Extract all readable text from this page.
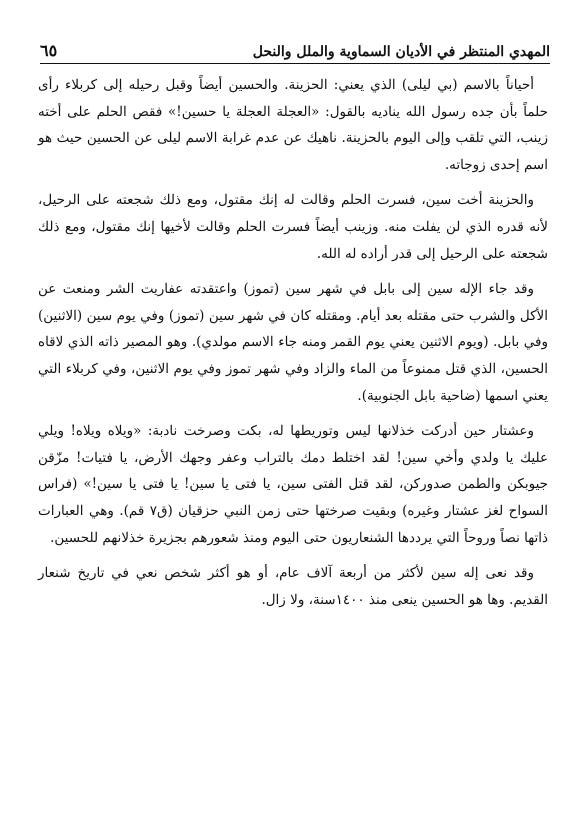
المهدي المنتظر في الأديان السماوية والملل والنحل
٦٥

أحياناً بالاسم (بي ليلى) الذي يعني: الحزينة. والحسين أيضاً وقبل رحيله إلى كربلاء رأى حلماً بأن جده رسول الله يناديه بالقول: «العجلة العجلة يا حسين!» فقص الحلم على أخته زينب، التي تلقب وإلى اليوم بالحزينة. ناهيك عن عدم غرابة الاسم ليلى عن الحسين حيث هو اسم إحدى زوجاته.

والحزينة أخت سين، فسرت الحلم وقالت له إنك مقتول، ومع ذلك شجعته على الرحيل، لأنه قدره الذي لن يفلت منه. وزينب أيضاً فسرت الحلم وقالت لأخيها إنك مقتول، ومع ذلك شجعته على الرحيل إلى قدر أراده له الله.

وقد جاء الإله سين إلى بابل في شهر سين (تموز) واعتقدته عفاريت الشر ومنعت عن الأكل والشرب حتى مقتله بعد أيام. ومقتله كان في شهر سين (تموز) وفي يوم سين (الاثنين) وفي بابل. (ويوم الاثنين يعني يوم القمر ومنه جاء الاسم مولدي). وهو المصير ذاته الذي لاقاه الحسين، الذي قتل ممنوعاً من الماء والزاد وفي شهر تموز وفي يوم الاثنين، وفي كربلاء التي يعني اسمها (ضاحية بابل الجنوبية).

وعشتار حين أدركت خذلانها ليس وتوريطها له، بكت وصرخت نادبة: «ويلاه ويلاه! ويلي عليك يا ولدي وأخي سين! لقد اختلط دمك بالتراب وعفر وجهك الأرض، يا فتيات! مزّقن جيوبكن والطمن صدوركن، لقد قتل الفتى سين، يا فتى يا سين! يا فتى يا سين!» (فراس السواح لغز عشتار وغيره) وبقيت صرختها حتى زمن النبي حزقيان (ق٧ قم). وهي العبارات ذاتها نصاً وروحاً التي يرددها الشنعاريون حتى اليوم ومنذ شعورهم بجزيرة خذلانهم للحسين.

وقد نعى إله سين لأكثر من أربعة آلاف عام، أو هو أكثر شخص نعي في تاريخ شنعار القديم. وها هو الحسين ينعى منذ ١٤٠٠سنة، ولا زال.
